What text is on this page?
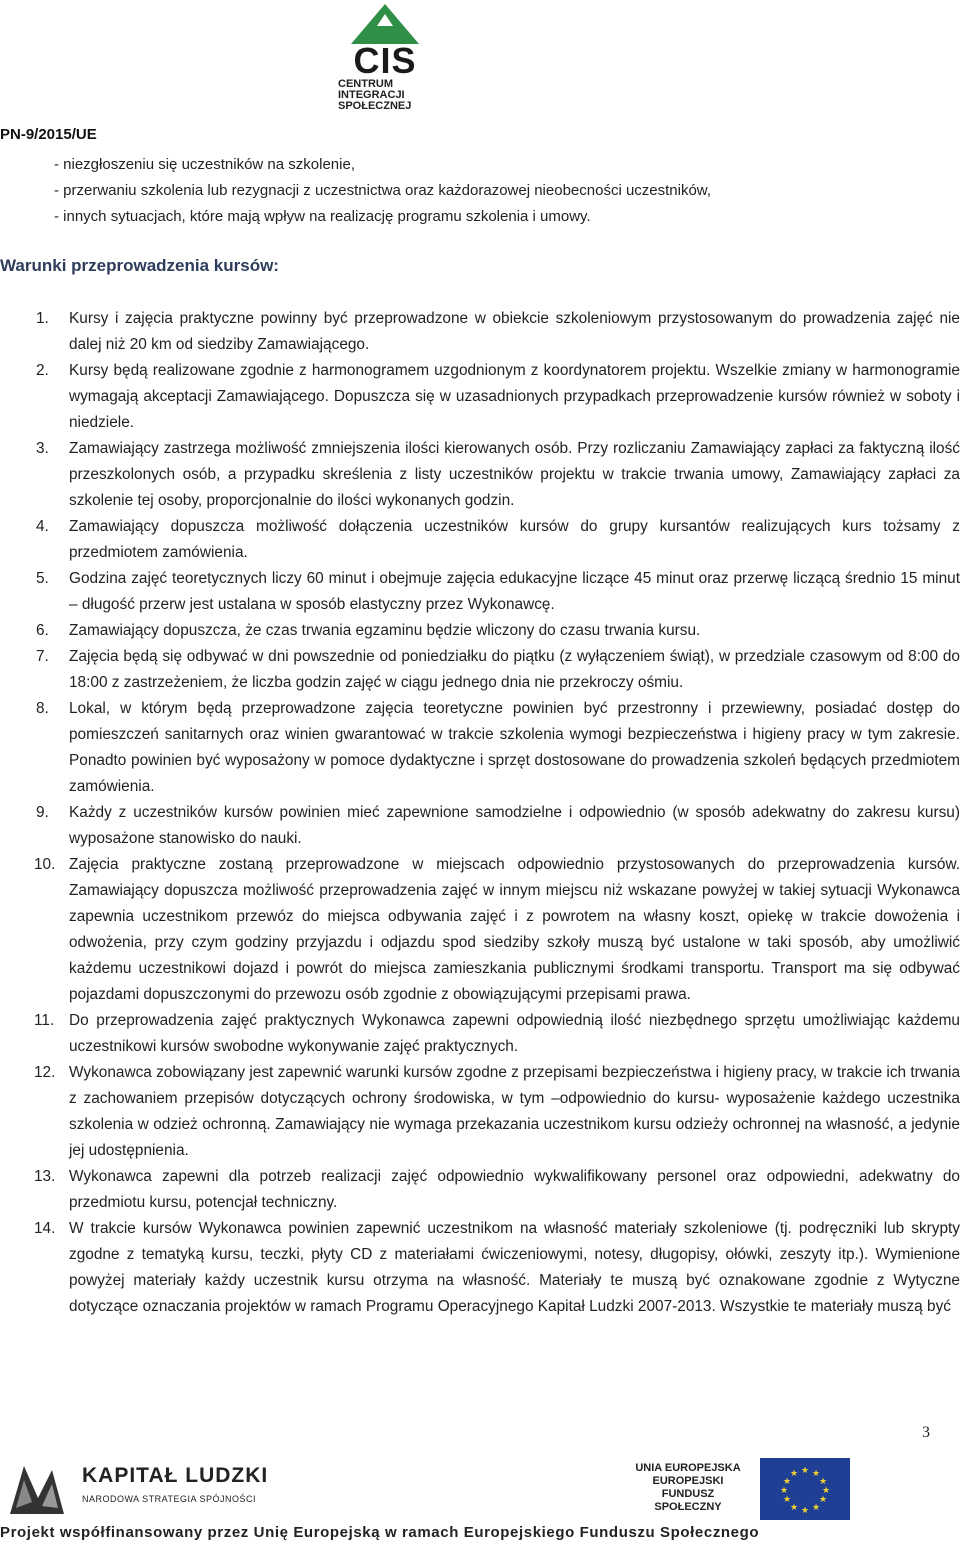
CIS
CENTRUM
INTEGRACJI
SPOŁECZNEJ
PN-9/2015/UE
- niezgłoszeniu się uczestników na szkolenie,
- przerwaniu szkolenia lub rezygnacji z uczestnictwa oraz każdorazowej nieobecności uczestników,
- innych sytuacjach, które mają wpływ na realizację programu szkolenia i umowy.
Warunki przeprowadzenia kursów:
1. Kursy i zajęcia praktyczne powinny być przeprowadzone w obiekcie szkoleniowym przystosowanym do prowadzenia zajęć nie dalej niż 20 km od siedziby Zamawiającego.
2. Kursy będą realizowane zgodnie z harmonogramem uzgodnionym z koordynatorem projektu. Wszelkie zmiany w harmonogramie wymagają akceptacji Zamawiającego. Dopuszcza się w uzasadnionych przypadkach przeprowadzenie kursów również w soboty i niedziele.
3. Zamawiający zastrzega możliwość zmniejszenia ilości kierowanych osób. Przy rozliczaniu Zamawiający zapłaci za faktyczną ilość przeszkolonych osób, a przypadku skreślenia z listy uczestników projektu w trakcie trwania umowy, Zamawiający zapłaci za szkolenie tej osoby, proporcjonalnie do ilości wykonanych godzin.
4. Zamawiający dopuszcza możliwość dołączenia uczestników kursów do grupy kursantów realizujących kurs tożsamy z przedmiotem zamówienia.
5. Godzina zajęć teoretycznych liczy 60 minut i obejmuje zajęcia edukacyjne liczące 45 minut oraz przerwę liczącą średnio 15 minut – długość przerw jest ustalana w sposób elastyczny przez Wykonawcę.
6. Zamawiający dopuszcza, że czas trwania egzaminu będzie wliczony do czasu trwania kursu.
7. Zajęcia będą się odbywać w dni powszednie od poniedziałku do piątku (z wyłączeniem świąt), w przedziale czasowym od 8:00 do 18:00 z zastrzeżeniem, że liczba godzin zajęć w ciągu jednego dnia nie przekroczy ośmiu.
8. Lokal, w którym będą przeprowadzone zajęcia teoretyczne powinien być przestronny i przewiewny, posiadać dostęp do pomieszczeń sanitarnych oraz winien gwarantować w trakcie szkolenia wymogi bezpieczeństwa i higieny pracy w tym zakresie. Ponadto powinien być wyposażony w pomoce dydaktyczne i sprzęt dostosowane do prowadzenia szkoleń będących przedmiotem zamówienia.
9. Każdy z uczestników kursów powinien mieć zapewnione samodzielne i odpowiednio (w sposób adekwatny do zakresu kursu) wyposażone stanowisko do nauki.
10. Zajęcia praktyczne zostaną przeprowadzone w miejscach odpowiednio przystosowanych do przeprowadzenia kursów. Zamawiający dopuszcza możliwość przeprowadzenia zajęć w innym miejscu niż wskazane powyżej w takiej sytuacji Wykonawca zapewnia uczestnikom przewóz do miejsca odbywania zajęć i z powrotem na własny koszt, opiekę w trakcie dowożenia i odwożenia, przy czym godziny przyjazdu i odjazdu spod siedziby szkoły muszą być ustalone w taki sposób, aby umożliwić każdemu uczestnikowi dojazd i powrót do miejsca zamieszkania publicznymi środkami transportu. Transport ma się odbywać pojazdami dopuszczonymi do przewozu osób zgodnie z obowiązującymi przepisami prawa.
11. Do przeprowadzenia zajęć praktycznych Wykonawca zapewni odpowiednią ilość niezbędnego sprzętu umożliwiając każdemu uczestnikowi kursów swobodne wykonywanie zajęć praktycznych.
12. Wykonawca zobowiązany jest zapewnić warunki kursów zgodne z przepisami bezpieczeństwa i higieny pracy, w trakcie ich trwania z zachowaniem przepisów dotyczących ochrony środowiska, w tym –odpowiednio do kursu- wyposażenie każdego uczestnika szkolenia w odzież ochronną. Zamawiający nie wymaga przekazania uczestnikom kursu odzieży ochronnej na własność, a jedynie jej udostępnienia.
13. Wykonawca zapewni dla potrzeb realizacji zajęć odpowiednio wykwalifikowany personel oraz odpowiedni, adekwatny do przedmiotu kursu, potencjał techniczny.
14. W trakcie kursów Wykonawca powinien zapewnić uczestnikom na własność materiały szkoleniowe (tj. podręczniki lub skrypty zgodne z tematyką kursu, teczki, płyty CD z materiałami ćwiczeniowymi, notesy, długopisy, ołówki, zeszyty itp.). Wymienione powyżej materiały każdy uczestnik kursu otrzyma na własność. Materiały te muszą być oznakowane zgodnie z Wytyczne dotyczące oznaczania projektów w ramach Programu Operacyjnego Kapitał Ludzki 2007-2013. Wszystkie te materiały muszą być
3
KAPITAŁ LUDZKI
NARODOWA STRATEGIA SPÓJNOŚCI
UNIA EUROPEJSKA
EUROPEJSKI
FUNDUSZ SPOŁECZNY
★ ★
★
★
★
★
★
★
★
★
★
★
Projekt współfinansowany przez Unię Europejską w ramach Europejskiego Funduszu Społecznego
